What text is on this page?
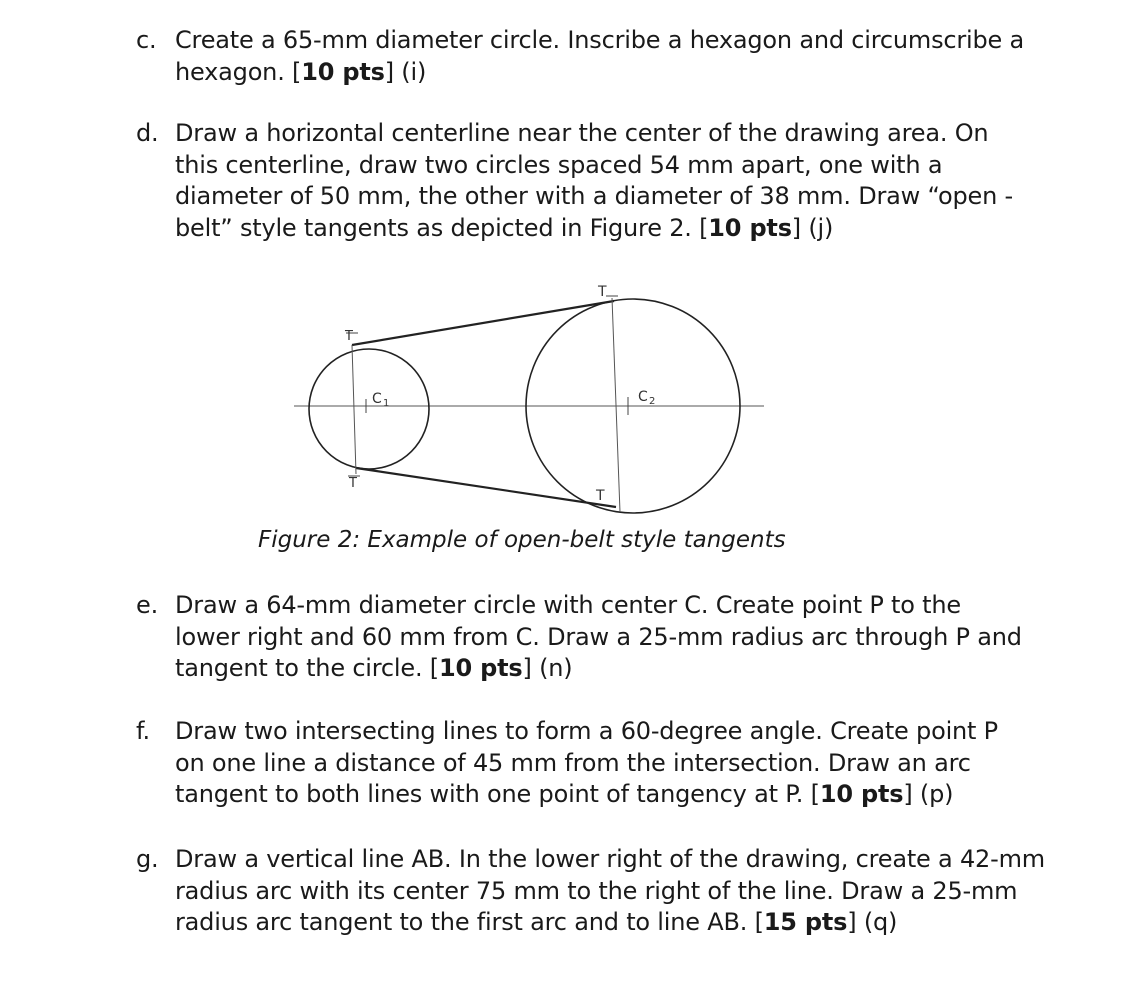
c. Create a 65-mm diameter circle. Inscribe a hexagon and circumscribe a
hexagon. [10 pts] (i)
d. Draw a horizontal centerline near the center of the drawing area. On
this centerline, draw two circles spaced 54 mm apart, one with a
diameter of 50 mm, the other with a diameter of 38 mm. Draw “open -
belt” style tangents as depicted in Figure 2. [10 pts] (j)
T
T
T
T
C 1	C 2
Figure 2: Example of open-belt style tangents
e. Draw a 64-mm diameter circle with center C. Create point P to the
lower right and 60 mm from C. Draw a 25-mm radius arc through P and
tangent to the circle. [10 pts] (n)
f. Draw two intersecting lines to form a 60-degree angle. Create point P
on one line a distance of 45 mm from the intersection. Draw an arc
tangent to both lines with one point of tangency at P. [10 pts] (p)
g. Draw a vertical line AB. In the lower right of the drawing, create a 42-mm
radius arc with its center 75 mm to the right of the line. Draw a 25-mm
radius arc tangent to the first arc and to line AB. [15 pts] (q)
